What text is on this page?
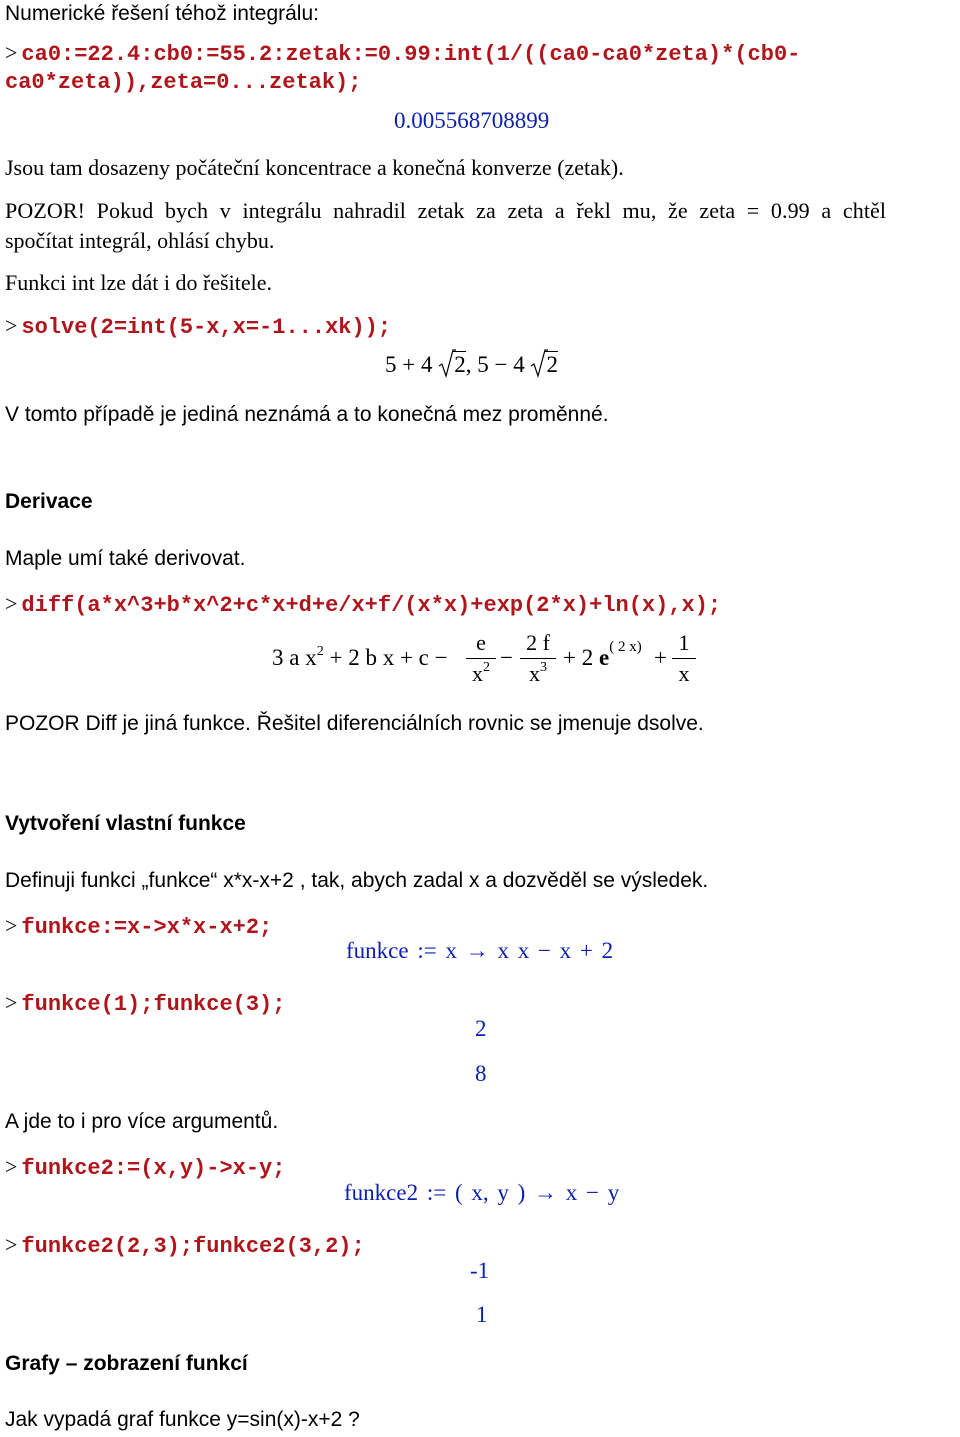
Numerické řešení téhož integrálu:
> ca0:=22.4:cb0:=55.2:zetak:=0.99:int(1/((ca0-ca0*zeta)*(cb0-
ca0*zeta)),zeta=0...zetak);
0.005568708899
Jsou tam dosazeny počáteční koncentrace a konečná konverze (zetak).
POZOR! Pokud bych v integrálu nahradil zetak za zeta a řekl mu, že zeta = 0.99 a chtěl
spočítat integrál, ohlásí chybu.
Funkci int lze dát i do řešitele.
> solve(2=int(5-x,x=-1...xk));
5 + 4 2, 5 − 4 2
V tomto případě je jediná neznámá a to konečná mez proměnné.
Derivace
Maple umí také derivovat.
> diff(a*x^3+b*x^2+c*x+d+e/x+f/(x*x)+exp(2*x)+ln(x),x);
3 a $x^2 + 2$ b x + c −
e
$x^2$ −
2 f
$x^3 + 2$ $e^{( 2 x)}$ +
1
x
POZOR Diff je jiná funkce. Řešitel diferenciálních rovnic se jmenuje dsolve.
Vytvoření vlastní funkce
Definuji funkci „funkce“ x*x-x+2 , tak, abych zadal x a dozvěděl se výsledek.
> funkce:=x->x*x-x+2;
funkce := x → x x − x + 2
> funkce(1);funkce(3);
2
8
A jde to i pro více argumentů.
> funkce2:=(x,y)->x-y;
funkce2 := ( x, y ) → x − y
> funkce2(2,3);funkce2(3,2);
-1
1
Grafy – zobrazení funkcí
Jak vypadá graf funkce y=sin(x)-x+2 ?
